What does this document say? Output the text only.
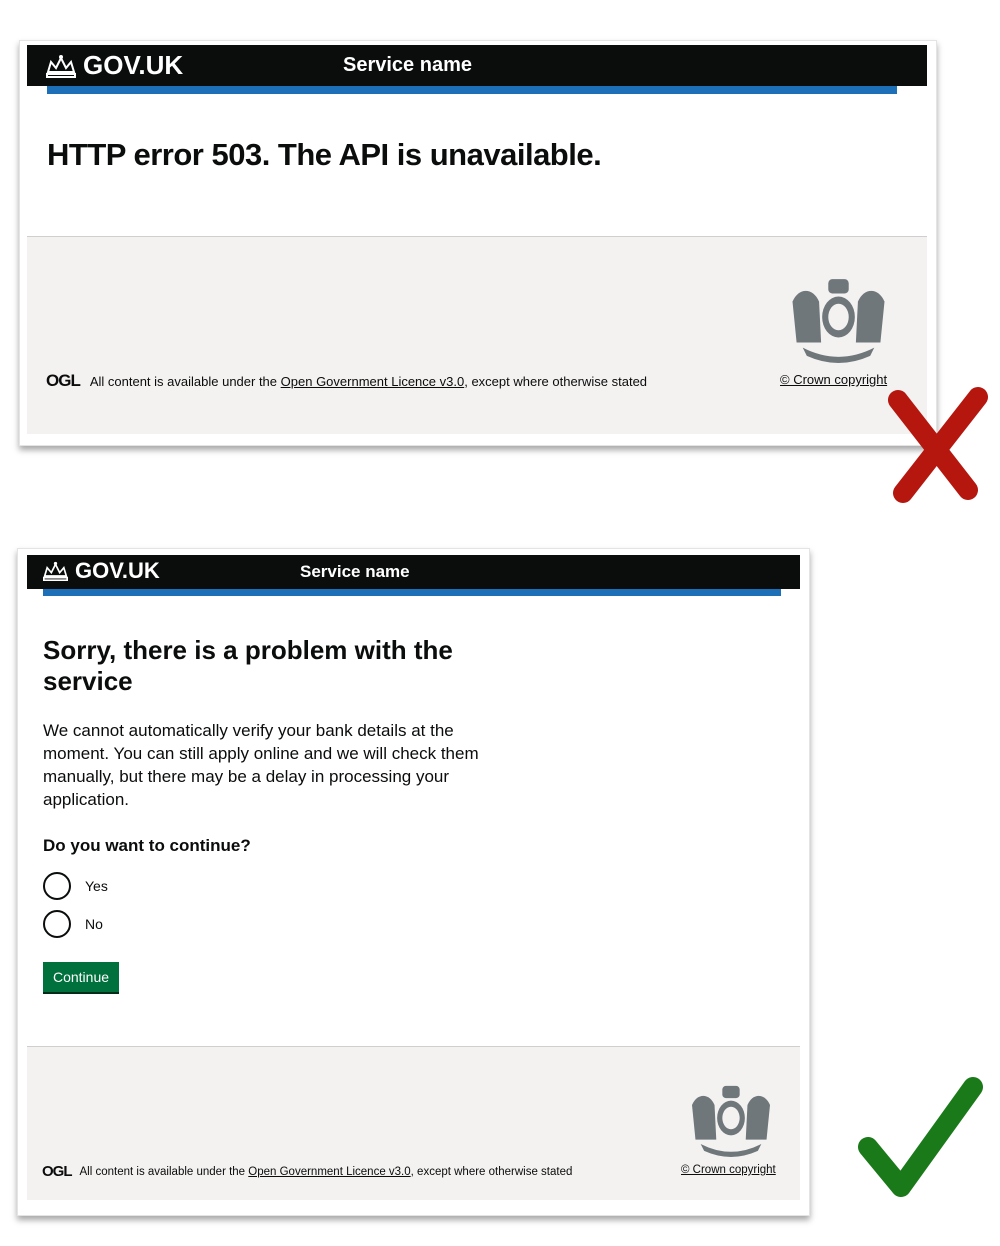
GOV.UK	Service name
HTTP error 503. The API is unavailable.
OGL All content is available under the Open Government Licence v3.0, except where otherwise stated	© Crown copyright
GOV.UK	Service name
Sorry, there is a problem with the service

We cannot automatically verify your bank details at the moment. You can still apply online and we will check them manually, but there may be a delay in processing your application.

Do you want to continue?
Yes
No
Continue
OGL All content is available under the Open Government Licence v3.0, except where otherwise stated	© Crown copyright
